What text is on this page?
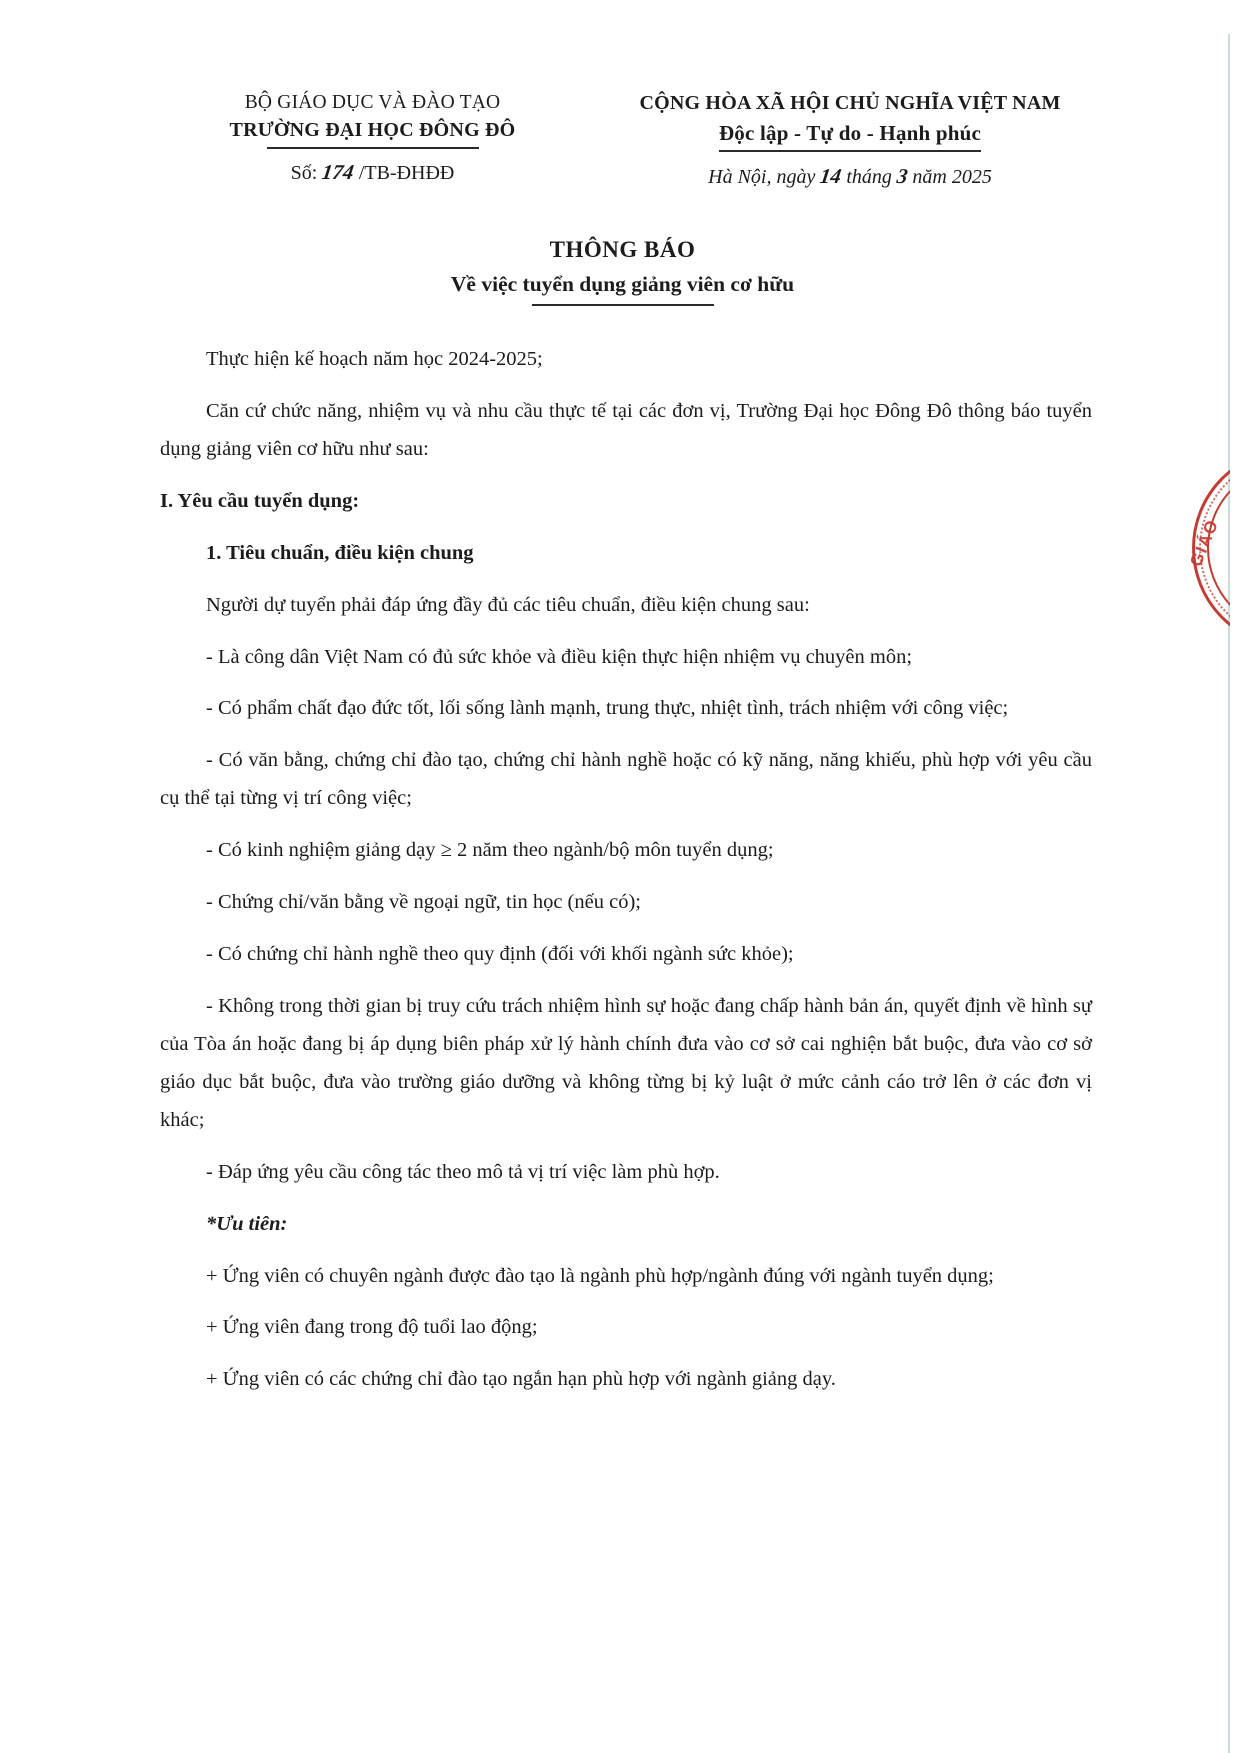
BỘ GIÁO DỤC VÀ ĐÀO TẠO
TRƯỜNG ĐẠI HỌC ĐÔNG ĐÔ
Số: 174 /TB-ĐHĐĐ
CỘNG HÒA XÃ HỘI CHỦ NGHĨA VIỆT NAM
Độc lập - Tự do - Hạnh phúc
Hà Nội, ngày 14 tháng 3 năm 2025
THÔNG BÁO
Về việc tuyển dụng giảng viên cơ hữu

Thực hiện kế hoạch năm học 2024-2025;

Căn cứ chức năng, nhiệm vụ và nhu cầu thực tế tại các đơn vị, Trường Đại học Đông Đô thông báo tuyển dụng giảng viên cơ hữu như sau:

I. Yêu cầu tuyển dụng:

1. Tiêu chuẩn, điều kiện chung

Người dự tuyển phải đáp ứng đầy đủ các tiêu chuẩn, điều kiện chung sau:

- Là công dân Việt Nam có đủ sức khỏe và điều kiện thực hiện nhiệm vụ chuyên môn;

- Có phẩm chất đạo đức tốt, lối sống lành mạnh, trung thực, nhiệt tình, trách nhiệm với công việc;

- Có văn bằng, chứng chỉ đào tạo, chứng chỉ hành nghề hoặc có kỹ năng, năng khiếu, phù hợp với yêu cầu cụ thể tại từng vị trí công việc;

- Có kinh nghiệm giảng dạy ≥ 2 năm theo ngành/bộ môn tuyển dụng;

- Chứng chỉ/văn bằng về ngoại ngữ, tin học (nếu có);

- Có chứng chỉ hành nghề theo quy định (đối với khối ngành sức khỏe);

- Không trong thời gian bị truy cứu trách nhiệm hình sự hoặc đang chấp hành bản án, quyết định về hình sự của Tòa án hoặc đang bị áp dụng biên pháp xử lý hành chính đưa vào cơ sở cai nghiện bắt buộc, đưa vào cơ sở giáo dục bắt buộc, đưa vào trường giáo dưỡng và không từng bị kỷ luật ở mức cảnh cáo trở lên ở các đơn vị khác;

- Đáp ứng yêu cầu công tác theo mô tả vị trí việc làm phù hợp.

*Ưu tiên:

+ Ứng viên có chuyên ngành được đào tạo là ngành phù hợp/ngành đúng với ngành tuyển dụng;

+ Ứng viên đang trong độ tuổi lao động;

+ Ứng viên có các chứng chỉ đào tạo ngắn hạn phù hợp với ngành giảng dạy.

GIÁO
